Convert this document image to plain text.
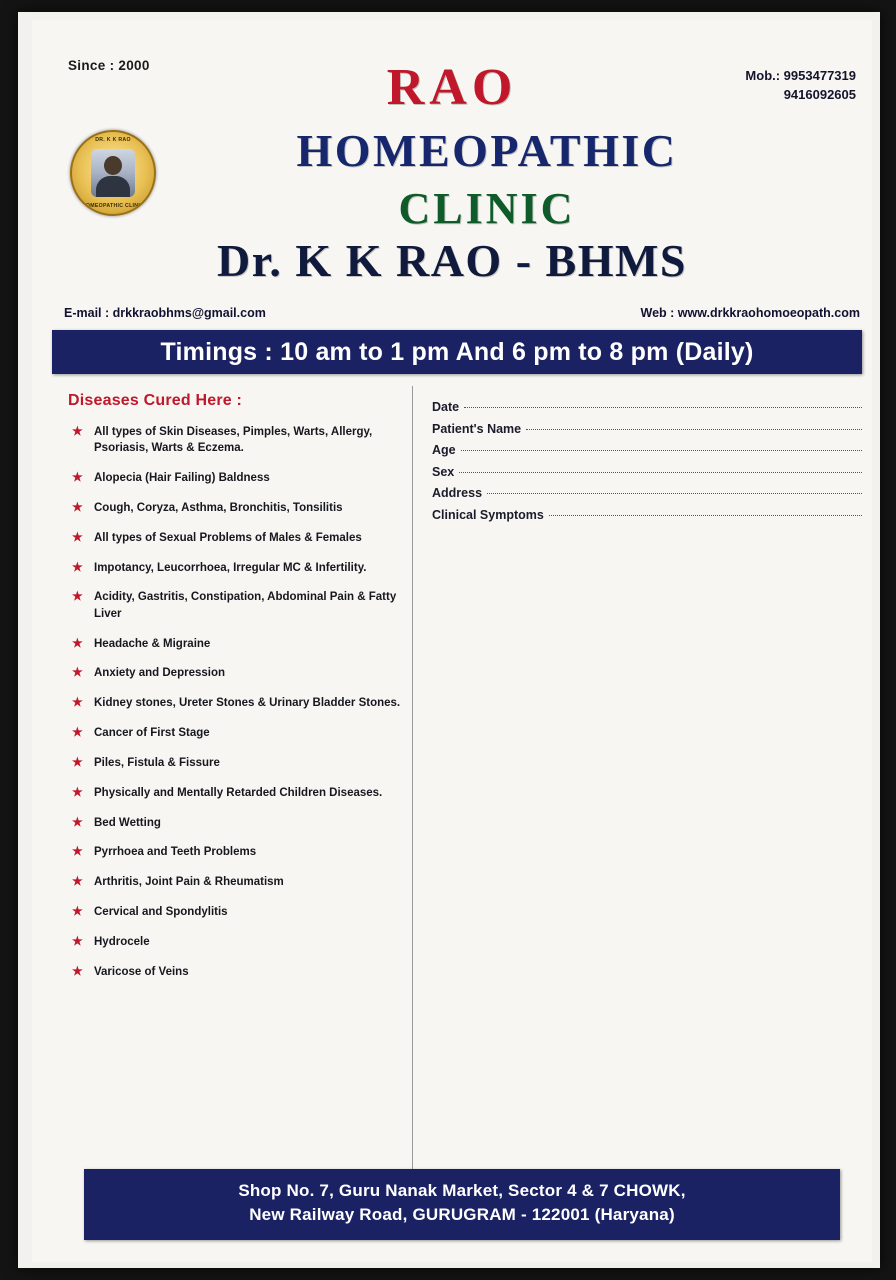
Since : 2000
Mob.: 9953477319
9416092605
DR. K K RAO
HOMEOPATHIC CLINIC
RAO
HOMEOPATHIC
CLINIC
Dr. K K RAO - BHMS
E-mail : drkkraobhms@gmail.com	Web : www.drkkraohomoeopath.com
Timings : 10 am to 1 pm And 6 pm to 8 pm (Daily)
Diseases Cured Here :
★ All types of Skin Diseases, Pimples, Warts, Allergy, Psoriasis, Warts & Eczema.
★ Alopecia (Hair Failing) Baldness
★ Cough, Coryza, Asthma, Bronchitis, Tonsilitis
★ All types of Sexual Problems of Males & Females
★ Impotancy, Leucorrhoea, Irregular MC & Infertility.
★ Acidity, Gastritis, Constipation, Abdominal Pain & Fatty Liver
★ Headache & Migraine
★ Anxiety and Depression
★ Kidney stones, Ureter Stones & Urinary Bladder Stones.
★ Cancer of First Stage
★ Piles, Fistula & Fissure
★ Physically and Mentally Retarded Children Diseases.
★ Bed Wetting
★ Pyrrhoea and Teeth Problems
★ Arthritis, Joint Pain & Rheumatism
★ Cervical and Spondylitis
★ Hydrocele
★ Varicose of Veins
Date
Patient's Name
Age
Sex
Address
Clinical Symptoms
Shop No. 7, Guru Nanak Market, Sector 4 & 7 CHOWK,
New Railway Road, GURUGRAM - 122001 (Haryana)
